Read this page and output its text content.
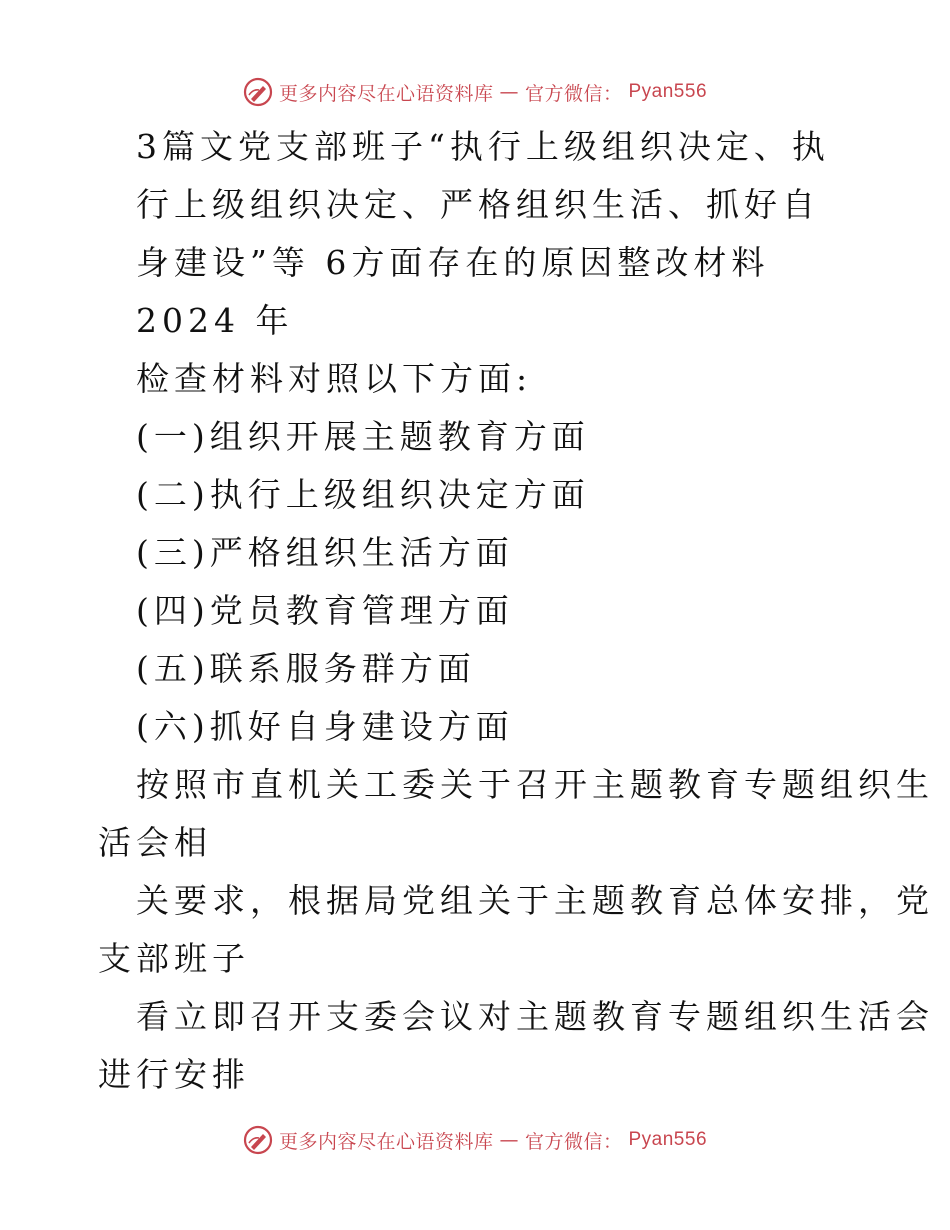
更多内容尽在心语资料库 — 官方微信： Pyan556
3篇文党支部班子“执行上级组织决定、执
行上级组织决定、严格组织生活、抓好自
身建设”等 6方面存在的原因整改材料
2024 年
检查材料对照以下方面:
(一)组织开展主题教育方面
(二)执行上级组织决定方面
(三)严格组织生活方面
(四)党员教育管理方面
(五)联系服务群方面
(六)抓好自身建设方面
按照市直机关工委关于召开主题教育专题组织生
活会相
关要求，根据局党组关于主题教育总体安排，党
支部班子
看立即召开支委会议对主题教育专题组织生活会
进行安排
更多内容尽在心语资料库 — 官方微信： Pyan556
